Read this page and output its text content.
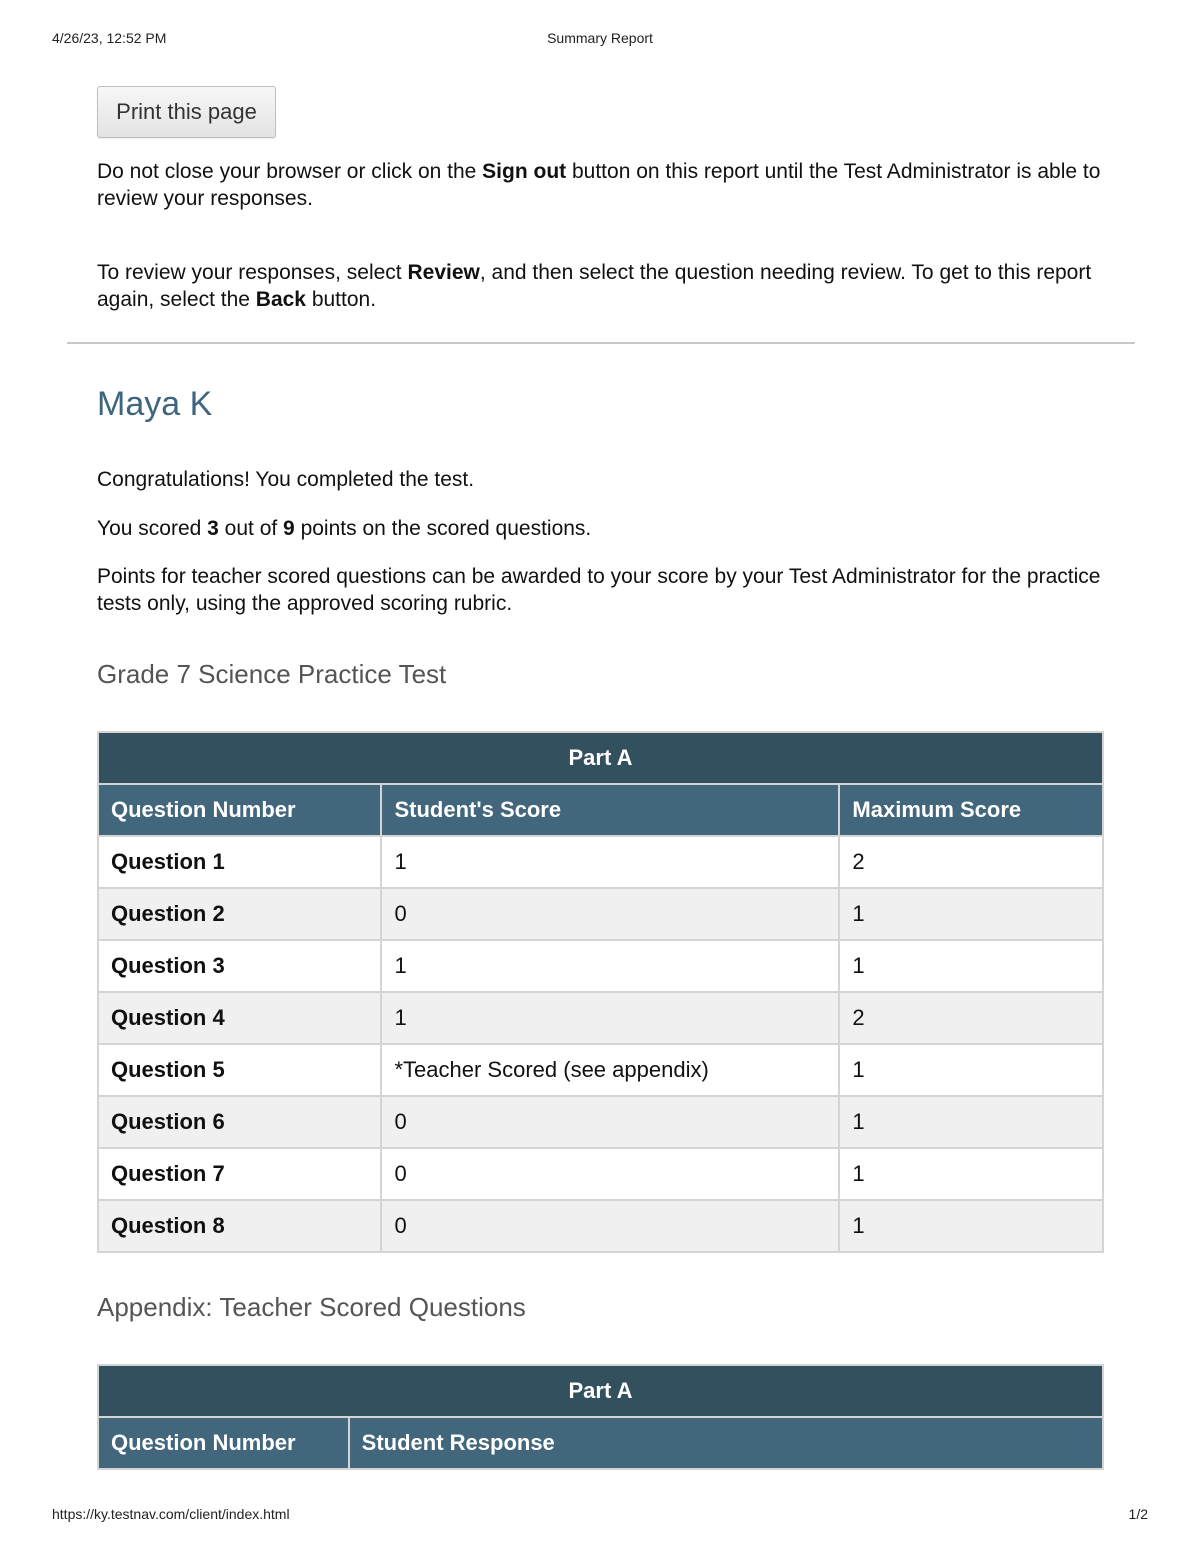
4/26/23, 12:52 PM	Summary Report
Print this page

Do not close your browser or click on the Sign out button on this report until the Test Administrator is able to review your responses.

To review your responses, select Review, and then select the question needing review. To get to this report again, select the Back button.

Maya K

Congratulations! You completed the test.

You scored 3 out of 9 points on the scored questions.

Points for teacher scored questions can be awarded to your score by your Test Administrator for the practice tests only, using the approved scoring rubric.

Grade 7 Science Practice Test
Part A		
Question Number	Student's Score	Maximum Score
Question 1	1	2
Question 2	0	1
Question 3	1	1
Question 4	1	2
Question 5	*Teacher Scored (see appendix)	1
Question 6	0	1
Question 7	0	1
Question 8	0	1
Appendix: Teacher Scored Questions
Part A
Question Number	Student Response
https://ky.testnav.com/client/index.html	1/2
